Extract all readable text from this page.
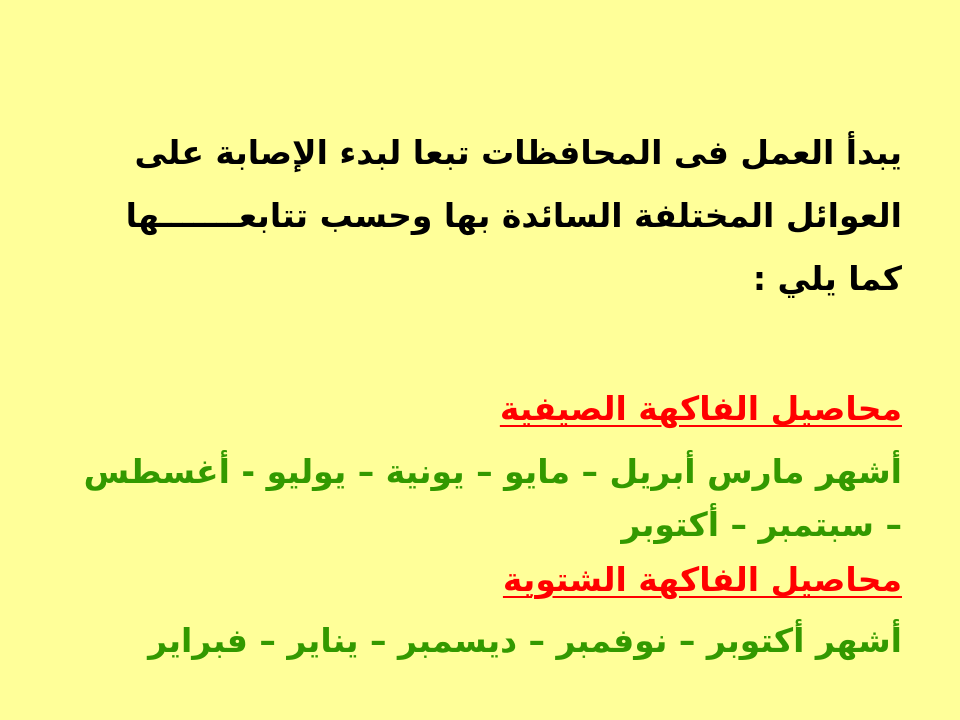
يبدأ العمل فى المحافظات تبعا لبدء الإصابة على
العوائل المختلفة السائدة بها وحسب تتابعـــــــها
كما يلي :
محاصيل الفاكهة الصيفية
أشهر مارس أبريل – مايو – يونية – يوليو - أغسطس
– سبتمبر – أكتوبر
محاصيل الفاكهة الشتوية
أشهر أكتوبر – نوفمبر – ديسمبر – يناير – فبراير
